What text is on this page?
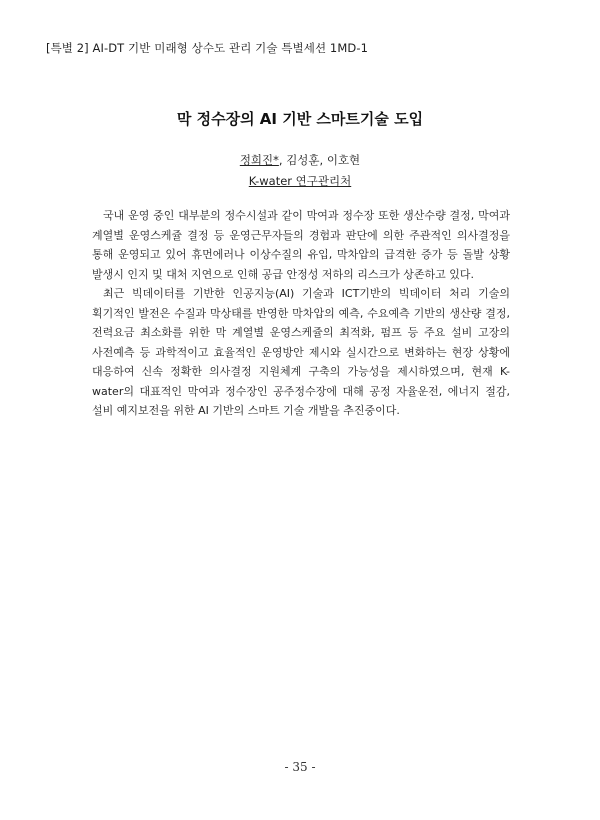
[특별 2] AI-DT 기반 미래형 상수도 관리 기술 특별세션 1MD-1
막 정수장의 AI 기반 스마트기술 도입
정희진*, 김성훈, 이호현
K-water 연구관리처

국내 운영 중인 대부분의 정수시설과 같이 막여과 정수장 또한 생산수량 결정, 막여과 계열별 운영스케쥴 결정 등 운영근무자들의 경험과 판단에 의한 주관적인 의사결정을 통해 운영되고 있어 휴먼에러나 이상수질의 유입, 막차압의 급격한 증가 등 돌발 상황 발생시 인지 및 대처 지연으로 인해 공급 안정성 저하의 리스크가 상존하고 있다.

최근 빅데이터를 기반한 인공지능(AI) 기술과 ICT기반의 빅데이터 처리 기술의 획기적인 발전은 수질과 막상태를 반영한 막차압의 예측, 수요예측 기반의 생산량 결정, 전력요금 최소화를 위한 막 계열별 운영스케쥴의 최적화, 펌프 등 주요 설비 고장의 사전예측 등 과학적이고 효율적인 운영방안 제시와 실시간으로 변화하는 현장 상황에 대응하여 신속 정확한 의사결정 지원체계 구축의 가능성을 제시하였으며, 현재 K-water의 대표적인 막여과 정수장인 공주정수장에 대해 공정 자율운전, 에너지 절감, 설비 예지보전을 위한 AI 기반의 스마트 기술 개발을 추진중이다.

- 35 -
